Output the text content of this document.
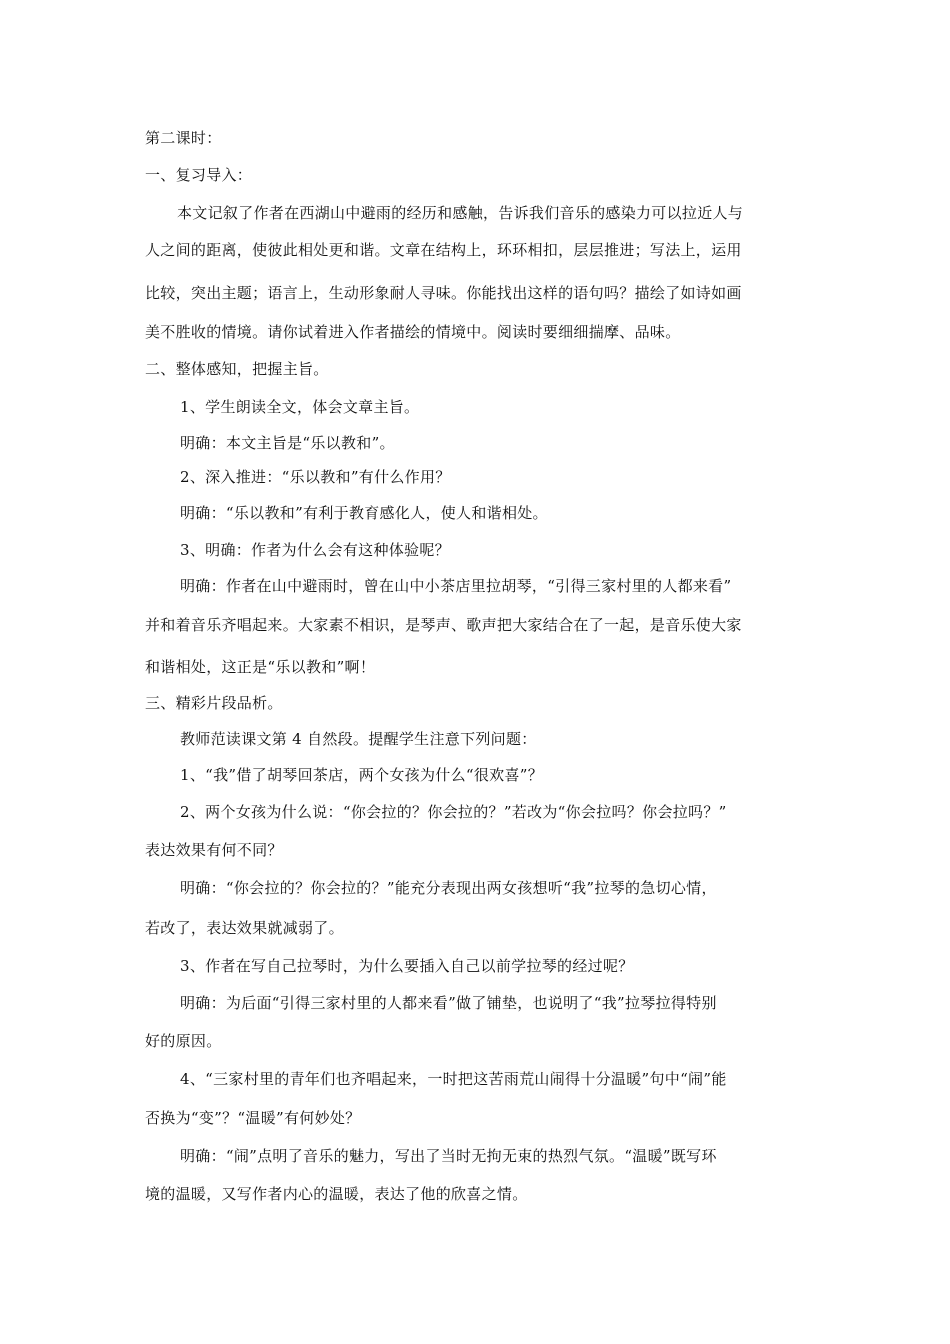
第二课时：
一、复习导入：
本文记叙了作者在西湖山中避雨的经历和感触，告诉我们音乐的感染力可以拉近人与
人之间的距离，使彼此相处更和谐。文章在结构上，环环相扣，层层推进；写法上，运用
比较，突出主题；语言上，生动形象耐人寻味。你能找出这样的语句吗？描绘了如诗如画
美不胜收的情境。请你试着进入作者描绘的情境中。阅读时要细细揣摩、品味。
二、整体感知，把握主旨。
1、学生朗读全文，体会文章主旨。
明确：本文主旨是“乐以教和”。
2、深入推进：“乐以教和”有什么作用？
明确：“乐以教和”有利于教育感化人，使人和谐相处。
3、明确：作者为什么会有这种体验呢？
明确：作者在山中避雨时，曾在山中小茶店里拉胡琴，“引得三家村里的人都来看”
并和着音乐齐唱起来。大家素不相识，是琴声、歌声把大家结合在了一起，是音乐使大家
和谐相处，这正是“乐以教和”啊！
三、精彩片段品析。
教师范读课文第 4 自然段。提醒学生注意下列问题：
1、“我”借了胡琴回茶店，两个女孩为什么“很欢喜”？
2、两个女孩为什么说：“你会拉的？你会拉的？”若改为“你会拉吗？你会拉吗？”
表达效果有何不同？
明确：“你会拉的？你会拉的？”能充分表现出两女孩想听“我”拉琴的急切心情，
若改了，表达效果就减弱了。
3、作者在写自己拉琴时，为什么要插入自己以前学拉琴的经过呢？
明确：为后面“引得三家村里的人都来看”做了铺垫，也说明了“我”拉琴拉得特别
好的原因。
4、“三家村里的青年们也齐唱起来，一时把这苦雨荒山闹得十分温暖”句中“闹”能
否换为“变”？“温暖”有何妙处？
明确：“闹”点明了音乐的魅力，写出了当时无拘无束的热烈气氛。“温暖”既写环
境的温暖，又写作者内心的温暖，表达了他的欣喜之情。
